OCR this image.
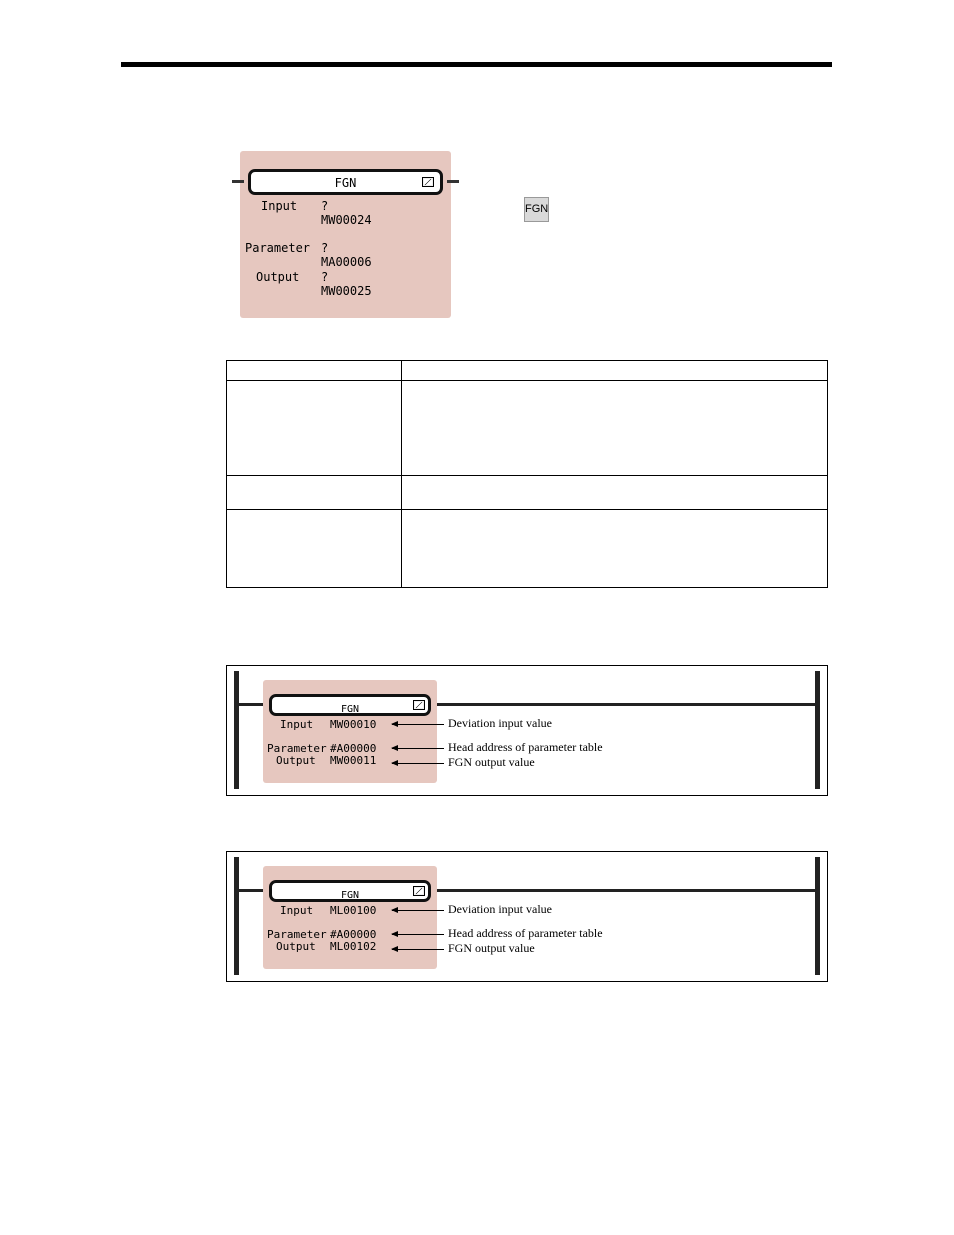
FGN
Input ?
MW00024
Parameter ?
MA00006
Output ?
MW00025
FGN
FGN
Input MW00010
Parameter #A00000
Output MW00011
Deviation input value
Head address of parameter table
FGN output value
FGN
Input ML00100
Parameter #A00000
Output ML00102
Deviation input value
Head address of parameter table
FGN output value
